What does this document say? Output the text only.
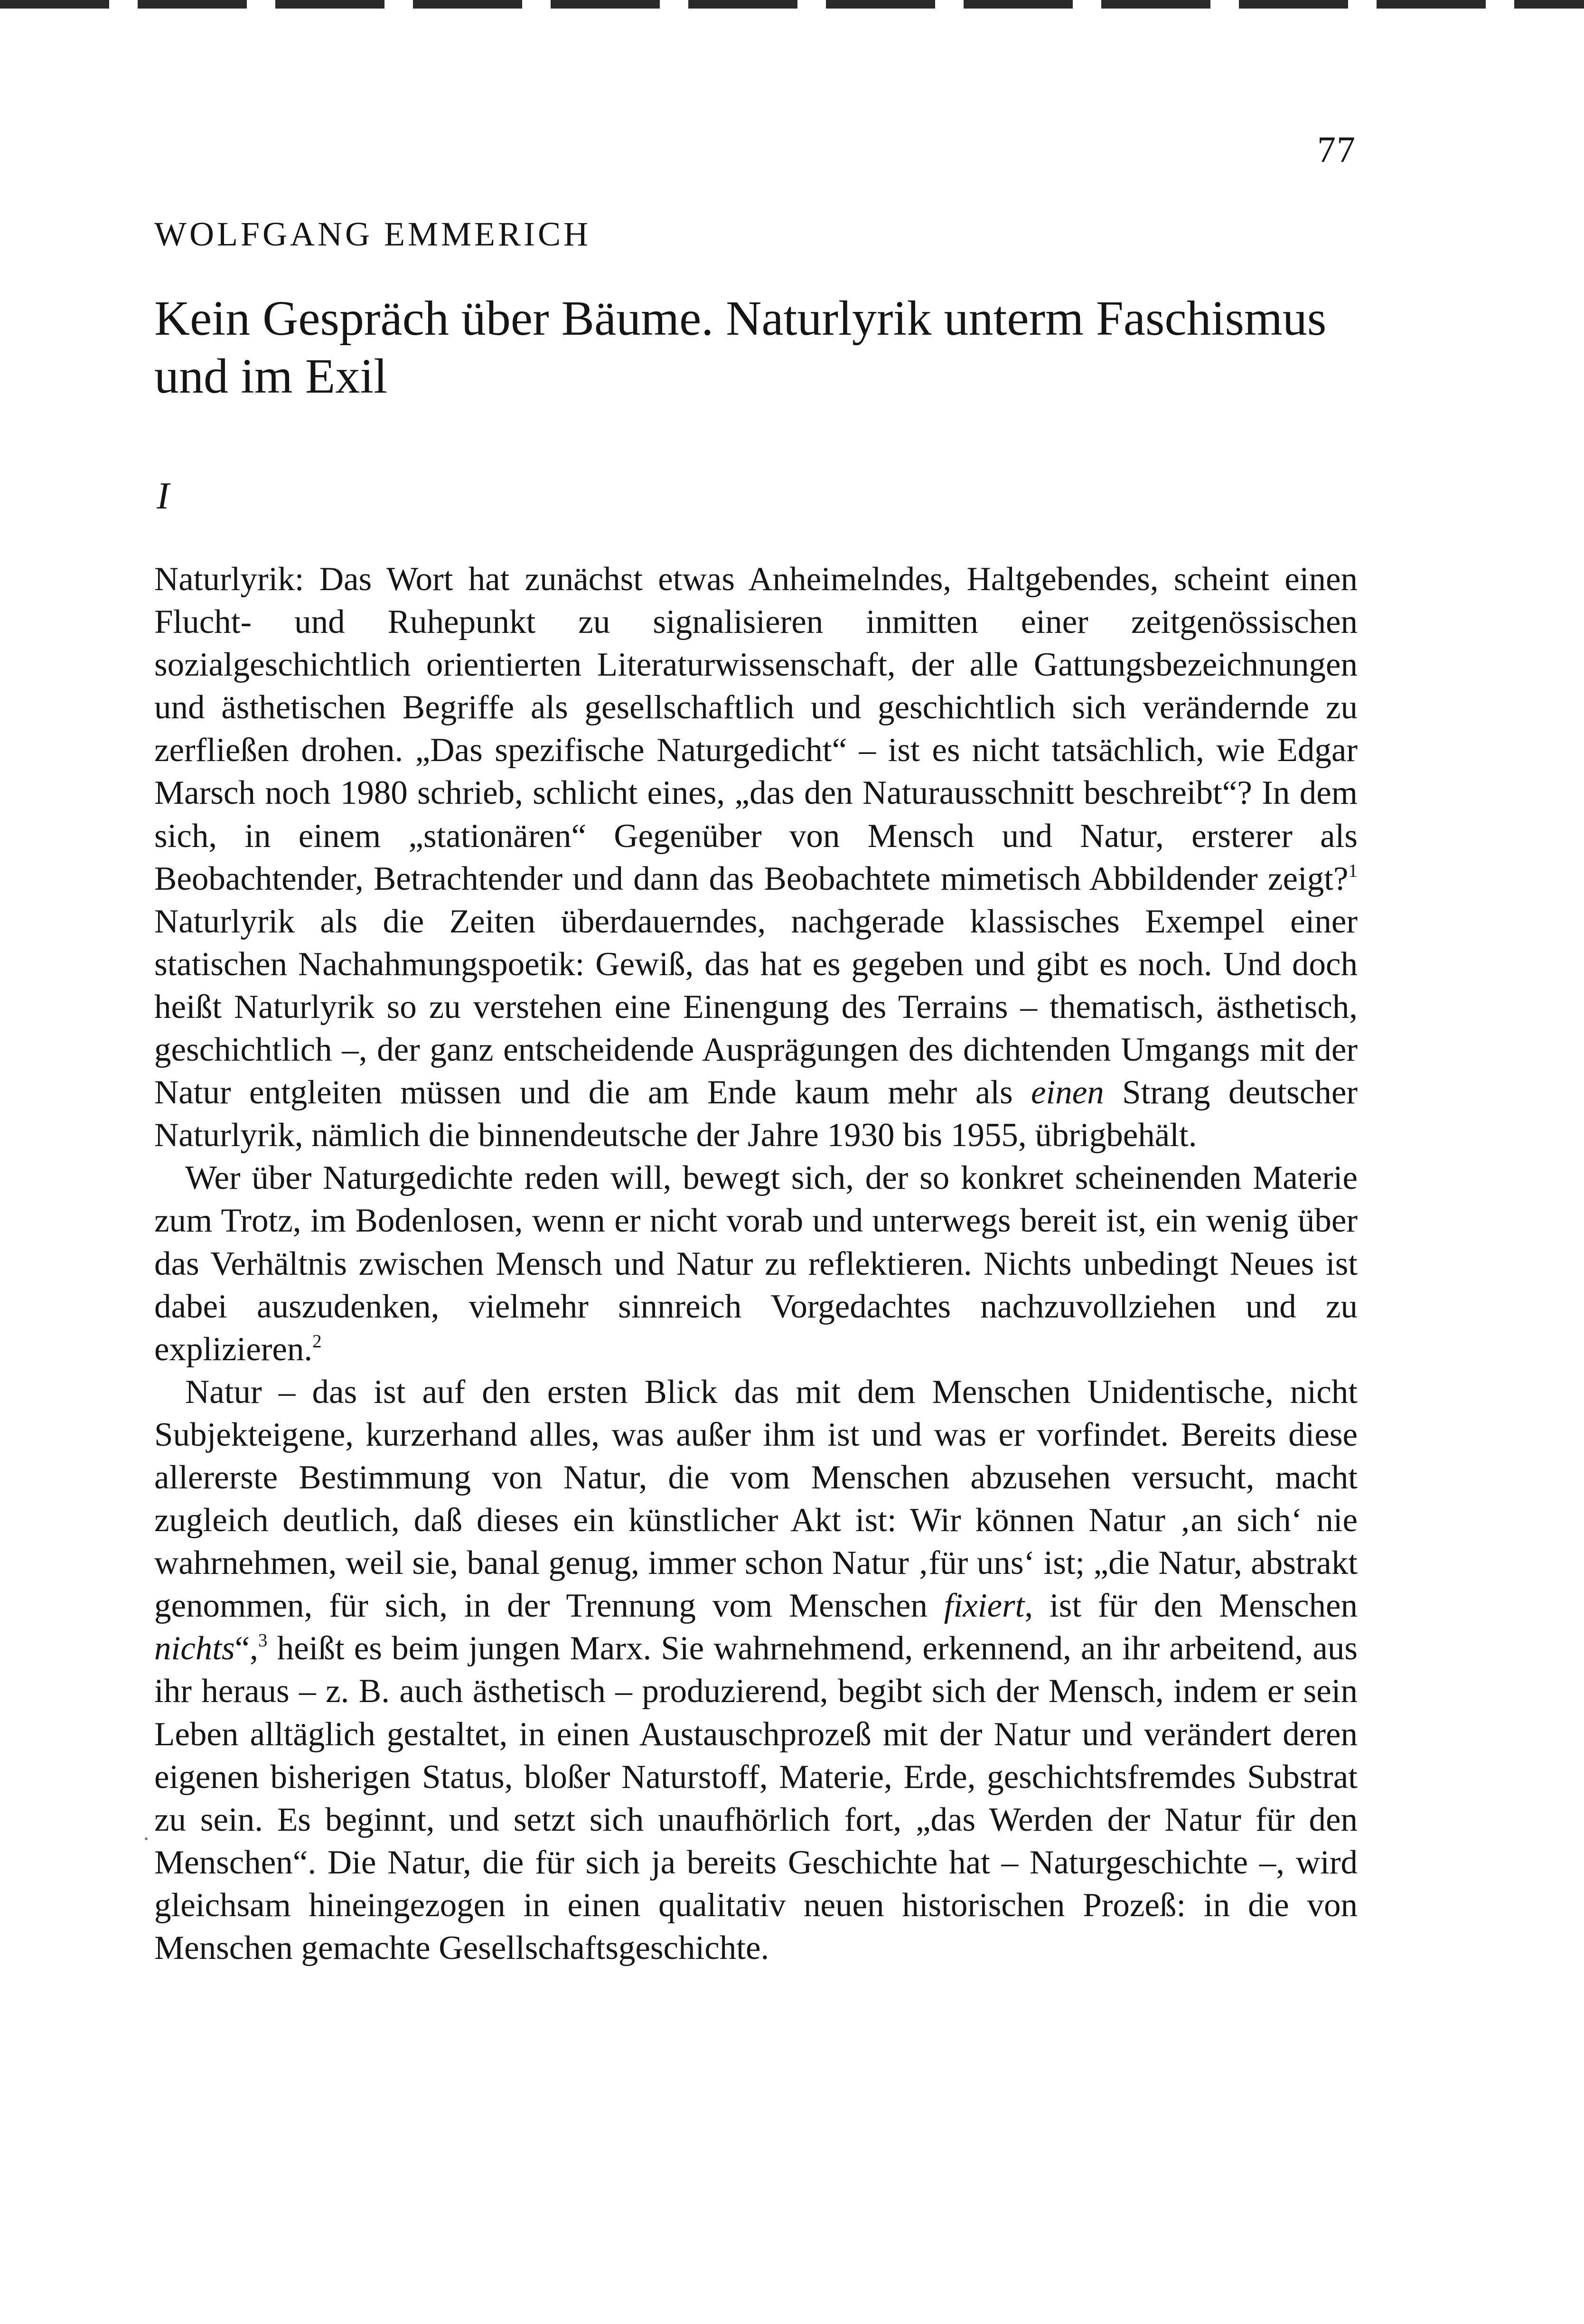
77
WOLFGANG EMMERICH
Kein Gespräch über Bäume. Naturlyrik unterm Faschismus und im Exil
I

Naturlyrik: Das Wort hat zunächst etwas Anheimelndes, Haltgebendes, scheint einen Flucht- und Ruhepunkt zu signalisieren inmitten einer zeitgenössischen sozialgeschichtlich orientierten Literaturwissenschaft, der alle Gattungsbezeichnungen und ästhetischen Begriffe als gesellschaftlich und geschichtlich sich verändernde zu zerfließen drohen. „Das spezifische Naturgedicht“ – ist es nicht tatsächlich, wie Edgar Marsch noch 1980 schrieb, schlicht eines, „das den Naturausschnitt beschreibt“? In dem sich, in einem „stationären“ Gegenüber von Mensch und Natur, ersterer als Beobachtender, Betrachtender und dann das Beobachtete mimetisch Abbildender zeigt?$^1$ Naturlyrik als die Zeiten überdauerndes, nachgerade klassisches Exempel einer statischen Nachahmungspoetik: Gewiß, das hat es gegeben und gibt es noch. Und doch heißt Naturlyrik so zu verstehen eine Einengung des Terrains – thematisch, ästhetisch, geschichtlich –, der ganz entscheidende Ausprägungen des dichtenden Umgangs mit der Natur entgleiten müssen und die am Ende kaum mehr als einen Strang deutscher Naturlyrik, nämlich die binnendeutsche der Jahre 1930 bis 1955, übrigbehält.

Wer über Naturgedichte reden will, bewegt sich, der so konkret scheinenden Materie zum Trotz, im Bodenlosen, wenn er nicht vorab und unterwegs bereit ist, ein wenig über das Verhältnis zwischen Mensch und Natur zu reflektieren. Nichts unbedingt Neues ist dabei auszudenken, vielmehr sinnreich Vorgedachtes nachzuvollziehen und zu explizieren.$^2$

Natur – das ist auf den ersten Blick das mit dem Menschen Unidentische, nicht Subjekteigene, kurzerhand alles, was außer ihm ist und was er vorfindet. Bereits diese allererste Bestimmung von Natur, die vom Menschen abzusehen versucht, macht zugleich deutlich, daß dieses ein künstlicher Akt ist: Wir können Natur ‚an sich‘ nie wahrnehmen, weil sie, banal genug, immer schon Natur ‚für uns‘ ist; „die Natur, abstrakt genommen, für sich, in der Trennung vom Menschen fixiert, ist für den Menschen nichts“,$^3$ heißt es beim jungen Marx. Sie wahrnehmend, erkennend, an ihr arbeitend, aus ihr heraus – z. B. auch ästhetisch – produzierend, begibt sich der Mensch, indem er sein Leben alltäglich gestaltet, in einen Austauschprozeß mit der Natur und verändert deren eigenen bisherigen Status, bloßer Naturstoff, Materie, Erde, geschichtsfremdes Substrat zu sein. Es beginnt, und setzt sich unaufhörlich fort, „das Werden der Natur für den Menschen“. Die Natur, die für sich ja bereits Geschichte hat – Naturgeschichte –, wird gleichsam hineingezogen in einen qualitativ neuen historischen Prozeß: in die von Menschen gemachte Gesellschaftsgeschichte.
